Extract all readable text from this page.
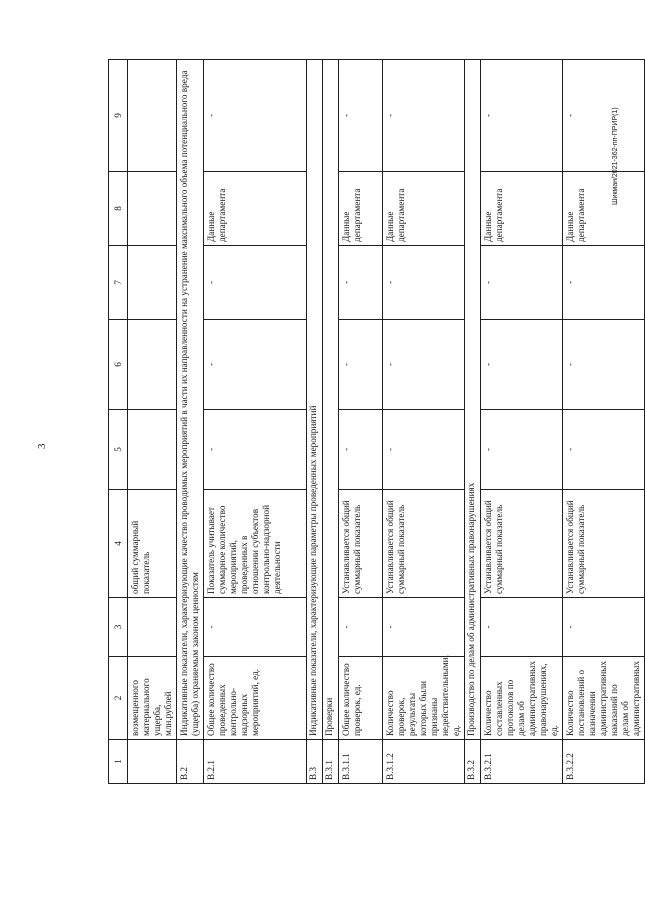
3
Шикман/2021-362-пп-ПРИР(1)
1	2	3	4	5	6	7	8	9
	возмещенного материального ущерба, млн.рублей		общий суммарный показатель					
В.2	Индикативные показатели, характеризующие качество проводимых мероприятий в части их направленности на устранение максимального объема потенциального вреда (ущерба) охраняемым законом ценностям							
В.2.1	Общее количество проведенных контрольно-надзорных мероприятий, ед.	-	Показатель учитывает суммарное количество мероприятий, проведенных в отношении субъектов контрольно-надзорной деятельности	-	-	-	Данные департамента	-
В.3	Индикативные показатели, характеризующие параметры проведенных мероприятий							
В.3.1	Проверки							
В.3.1.1	Общее количество проверок, ед.	-	Устанавливается общий суммарный показатель	-	-	-	Данные департамента	-
В.3.1.2	Количество проверок, результаты которых были признаны недействительными, ед.	-	Устанавливается общий суммарный показатель	-	-	-	Данные департамента	-
В.3.2	Производство по делам об административных правонарушениях							
В.3.2.1	Количество составленных протоколов по делам об административных правонарушениях, ед.	-	Устанавливается общий суммарный показатель	-	-	-	Данные департамента	-
В.3.2.2	Количество постановлений о назначении административных наказаний по делам об административных	-	Устанавливается общий суммарный показатель	-	-	-	Данные департамента	-
